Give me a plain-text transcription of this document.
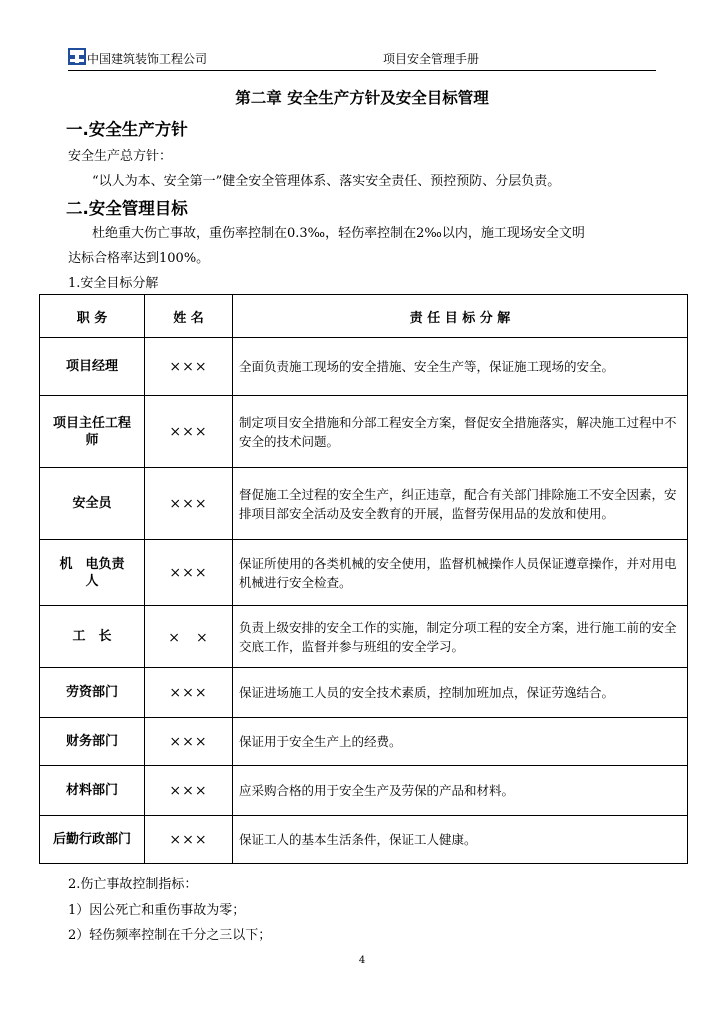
中国建筑装饰工程公司	项目安全管理手册
第二章 安全生产方针及安全目标管理
一.安全生产方针
安全生产总方针：
“以人为本、安全第一”健全安全管理体系、落实安全责任、预控预防、分层负责。
二.安全管理目标
杜绝重大伤亡事故，重伤率控制在0.3‰，轻伤率控制在2‰以内，施工现场安全文明
达标合格率达到100%。
1.安全目标分解
职 务	姓 名	责 任 目 标 分 解
项目经理	×××	全面负责施工现场的安全措施、安全生产等，保证施工现场的安全。
项目主任工程师	×××	制定项目安全措施和分部工程安全方案，督促安全措施落实，解决施工过程中不安全的技术问题。
安全员	×××	督促施工全过程的安全生产，纠正违章，配合有关部门排除施工不安全因素，安排项目部安全活动及安全教育的开展，监督劳保用品的发放和使用。
机　电负责人	×××	保证所使用的各类机械的安全使用，监督机械操作人员保证遵章操作，并对用电机械进行安全检查。
工　长	×　×	负责上级安排的安全工作的实施，制定分项工程的安全方案，进行施工前的安全交底工作，监督并参与班组的安全学习。
劳资部门	×××	保证进场施工人员的安全技术素质，控制加班加点，保证劳逸结合。
财务部门	×××	保证用于安全生产上的经费。
材料部门	×××	应采购合格的用于安全生产及劳保的产品和材料。
后勤行政部门	×××	保证工人的基本生活条件，保证工人健康。
2.伤亡事故控制指标：
1）因公死亡和重伤事故为零；
2）轻伤频率控制在千分之三以下；
4
